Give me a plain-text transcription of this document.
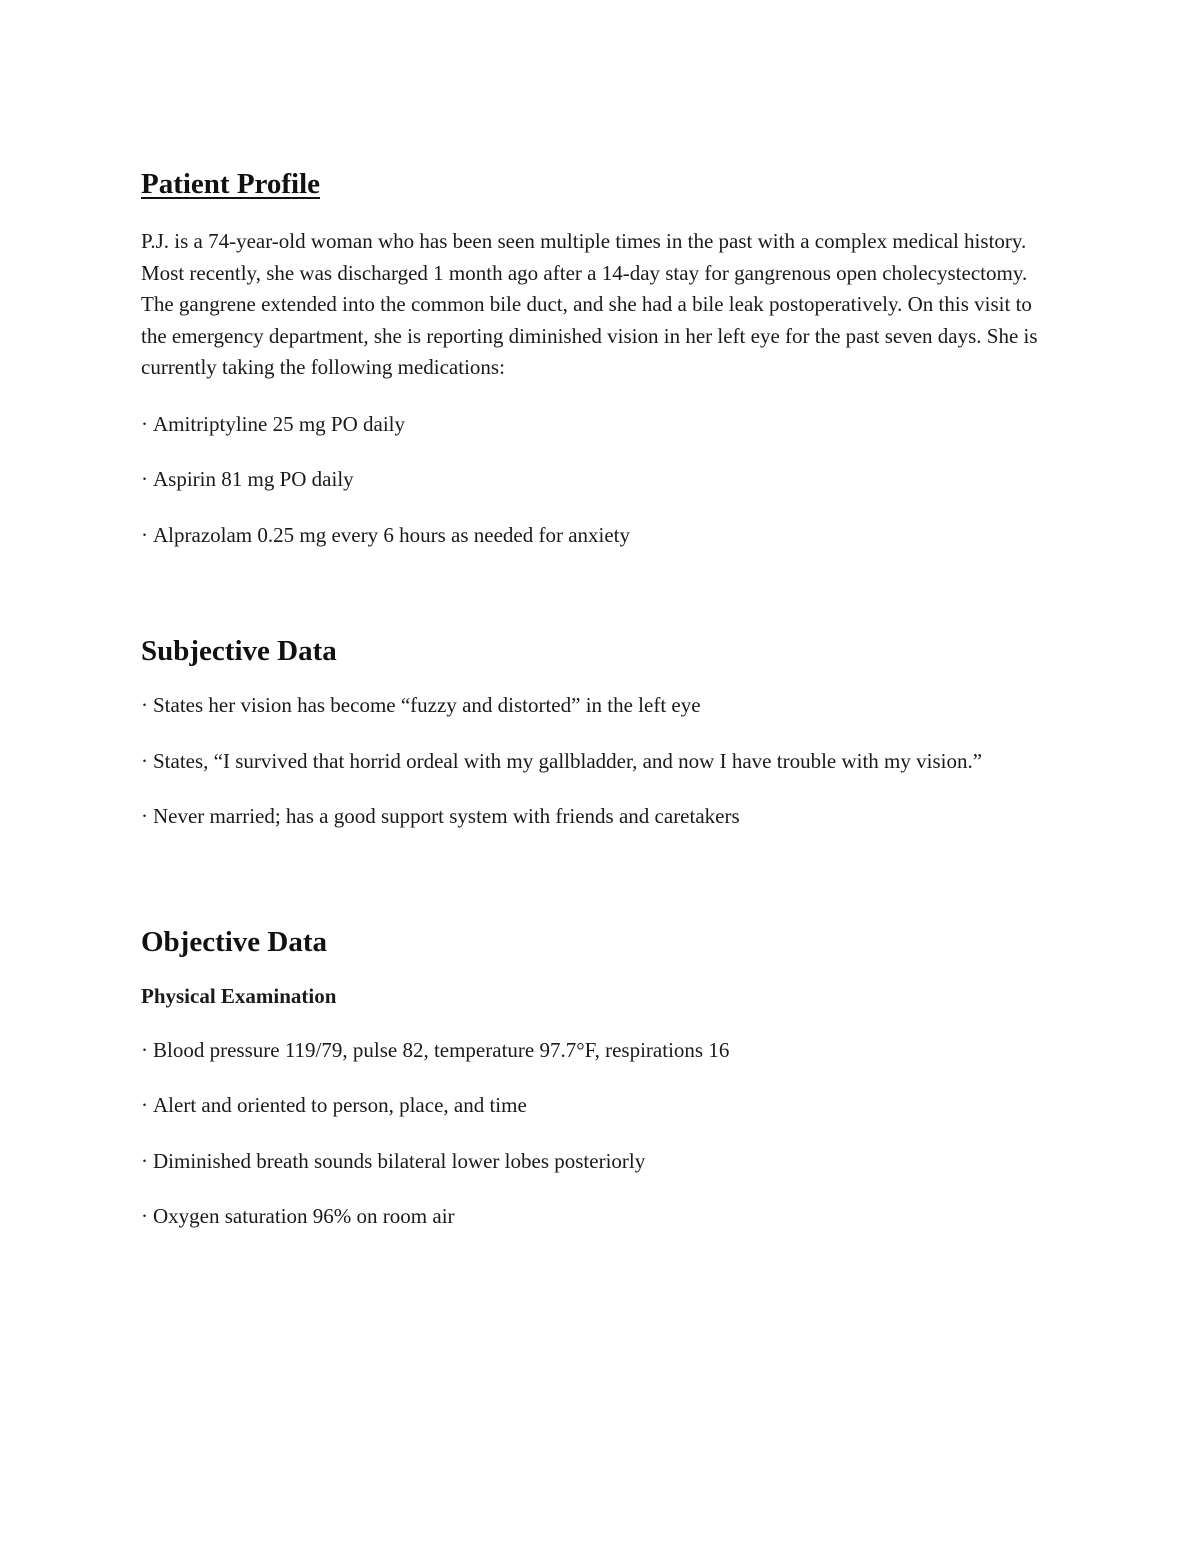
Patient Profile

P.J. is a 74-year-old woman who has been seen multiple times in the past with a complex medical history. Most recently, she was discharged 1 month ago after a 14-day stay for gangrenous open cholecystectomy. The gangrene extended into the common bile duct, and she had a bile leak postoperatively. On this visit to the emergency department, she is reporting diminished vision in her left eye for the past seven days. She is currently taking the following medications:

· Amitriptyline 25 mg PO daily
· Aspirin 81 mg PO daily
· Alprazolam 0.25 mg every 6 hours as needed for anxiety
Subjective Data
· States her vision has become “fuzzy and distorted” in the left eye
· States, “I survived that horrid ordeal with my gallbladder, and now I have trouble with my vision.”
· Never married; has a good support system with friends and caretakers
Objective Data
Physical Examination
· Blood pressure 119/79, pulse 82, temperature 97.7°F, respirations 16
· Alert and oriented to person, place, and time
· Diminished breath sounds bilateral lower lobes posteriorly
· Oxygen saturation 96% on room air
